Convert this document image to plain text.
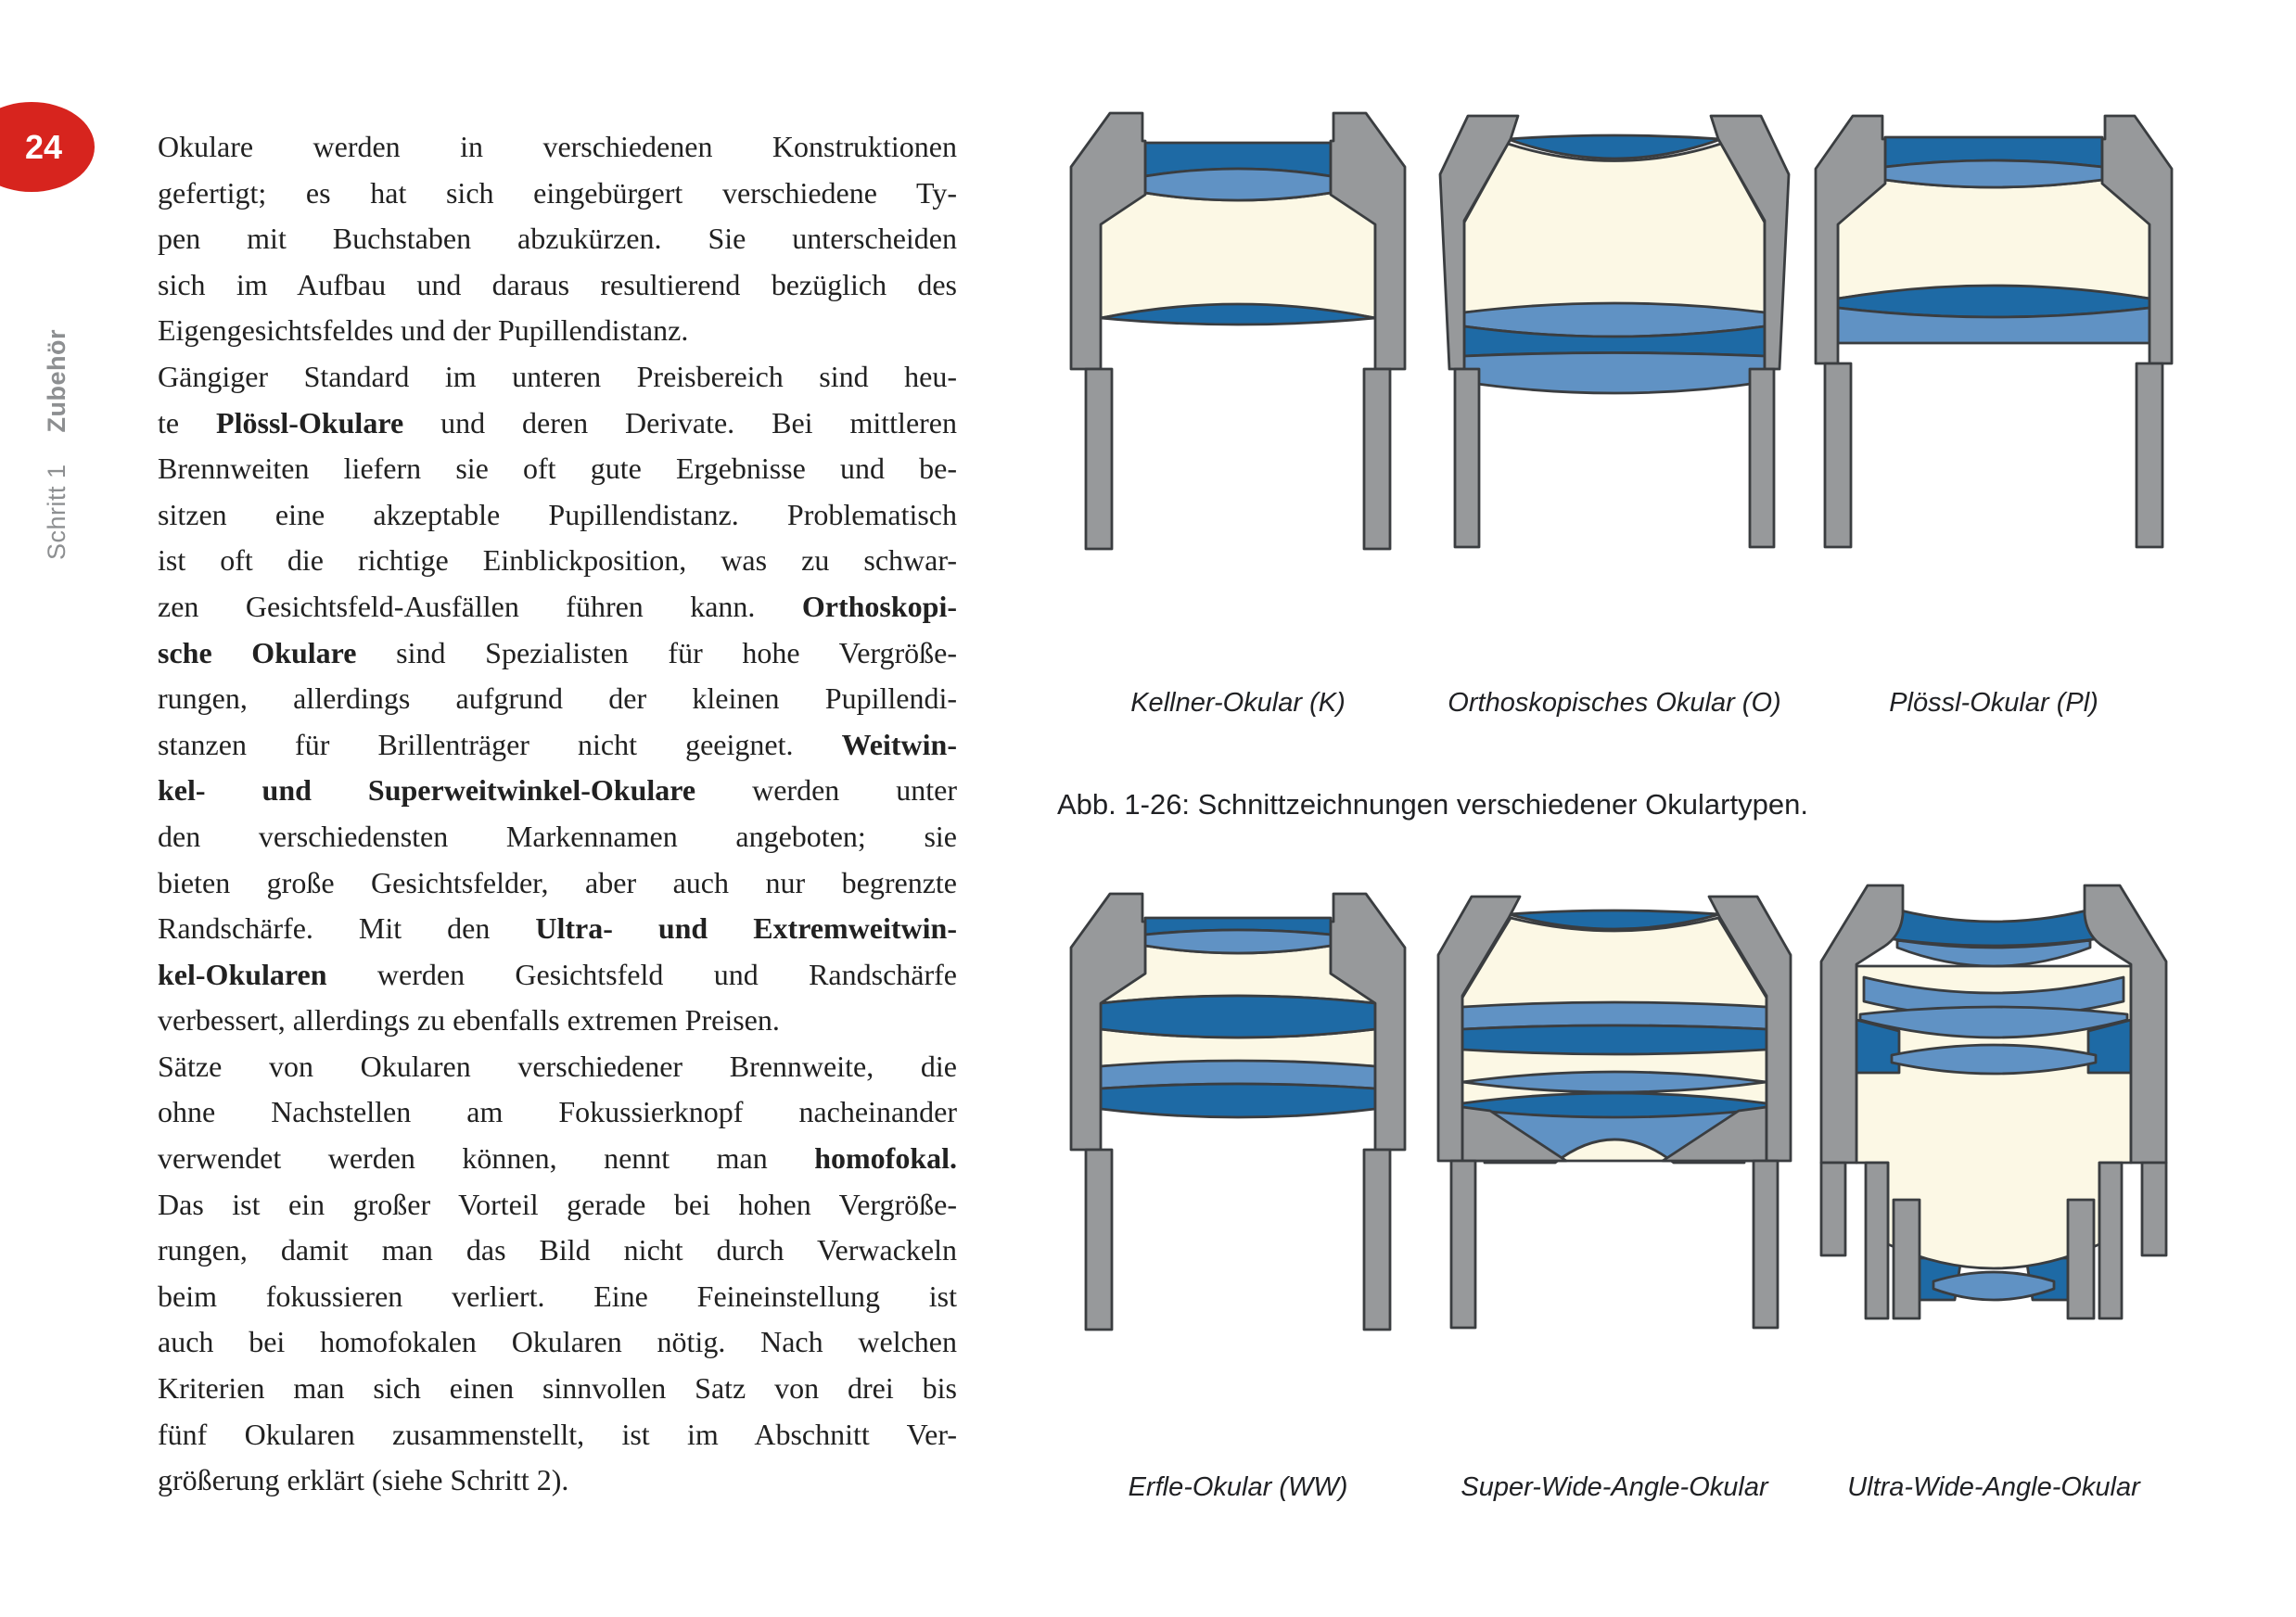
24
Schritt 1Zubehör
Okulare werden in verschiedenen Konstruktionen
gefertigt; es hat sich eingebürgert verschiedene Ty-
pen mit Buchstaben abzukürzen. Sie unterscheiden
sich im Aufbau und daraus resultierend bezüglich des
Eigengesichtsfeldes und der Pupillendistanz.
Gängiger Standard im unteren Preisbereich sind heu-
te Plössl-Okulare und deren Derivate. Bei mittleren
Brennweiten liefern sie oft gute Ergebnisse und be-
sitzen eine akzeptable Pupillendistanz. Problematisch
ist oft die richtige Einblickposition, was zu schwar-
zen Gesichtsfeld-Ausfällen führen kann. Orthoskopi-
sche Okulare sind Spezialisten für hohe Vergröße-
rungen, allerdings aufgrund der kleinen Pupillendi-
stanzen für Brillenträger nicht geeignet. Weitwin-
kel- und Superweitwinkel-Okulare werden unter
den verschiedensten Markennamen angeboten; sie
bieten große Gesichtsfelder, aber auch nur begrenzte
Randschärfe. Mit den Ultra- und Extremweitwin-
kel-Okularen werden Gesichtsfeld und Randschärfe
verbessert, allerdings zu ebenfalls extremen Preisen.
Sätze von Okularen verschiedener Brennweite, die
ohne Nachstellen am Fokussierknopf nacheinander
verwendet werden können, nennt man homofokal.
Das ist ein großer Vorteil gerade bei hohen Vergröße-
rungen, damit man das Bild nicht durch Verwackeln
beim fokussieren verliert. Eine Feineinstellung ist
auch bei homofokalen Okularen nötig. Nach welchen
Kriterien man sich einen sinnvollen Satz von drei bis
fünf Okularen zusammenstellt, ist im Abschnitt Ver-
größerung erklärt (siehe Schritt 2).
Kellner-Okular (K)	Orthoskopisches Okular (O)	Plössl-Okular (Pl)
Abb. 1-26: Schnittzeichnungen verschiedener Okulartypen.
Erfle-Okular (WW)	Super-Wide-Angle-Okular	Ultra-Wide-Angle-Okular
